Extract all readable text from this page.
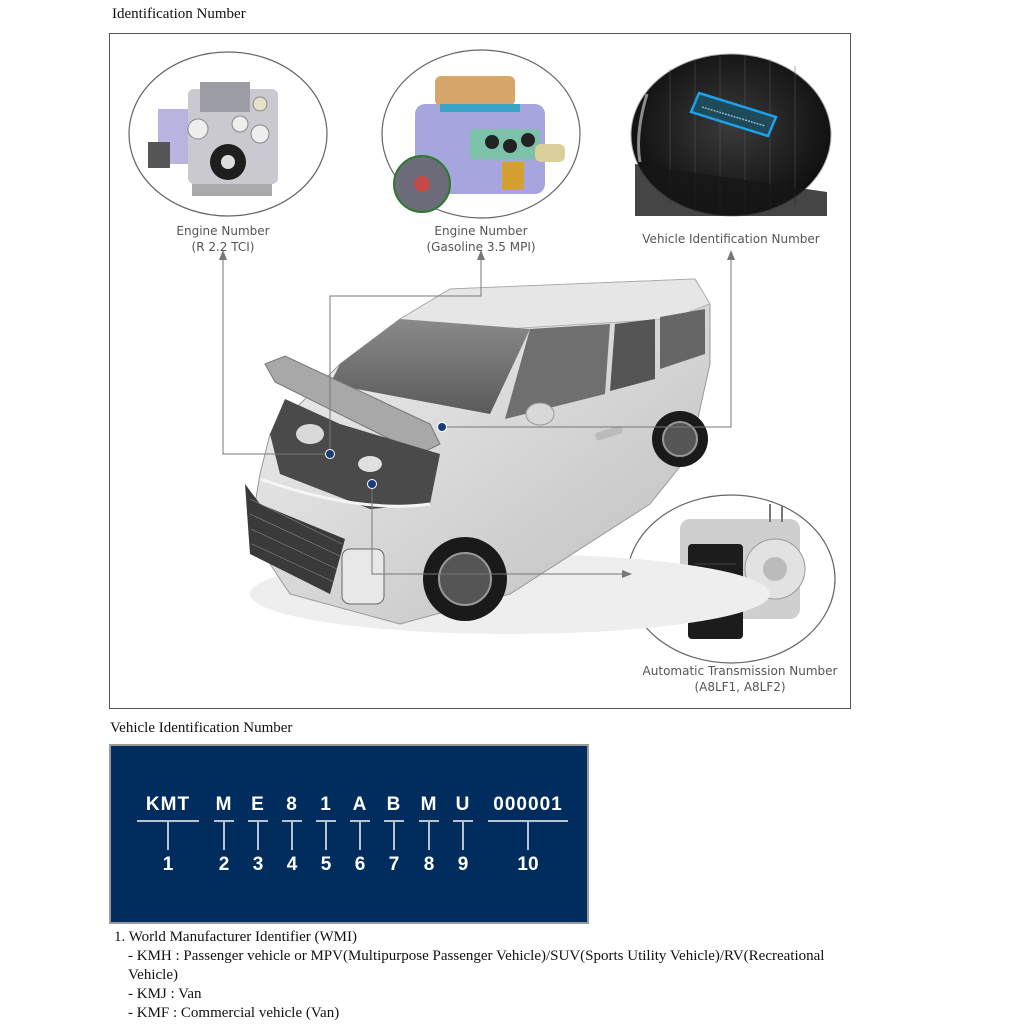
Identification Number
Engine Number
(R 2.2 TCI)
Engine Number
(Gasoline 3.5 MPI)
Vehicle Identification Number
Automatic Transmission Number
(A8LF1, A8LF2)
Vehicle Identification Number
KMT
1
M
2
E
3
8
4
1
5
A
6
B
7
M
8
U
9
000001
10
1. World Manufacturer Identifier (WMI)
- KMH : Passenger vehicle or MPV(Multipurpose Passenger Vehicle)/SUV(Sports Utility Vehicle)/RV(Recreational
Vehicle)
- KMJ : Van
- KMF : Commercial vehicle (Van)
